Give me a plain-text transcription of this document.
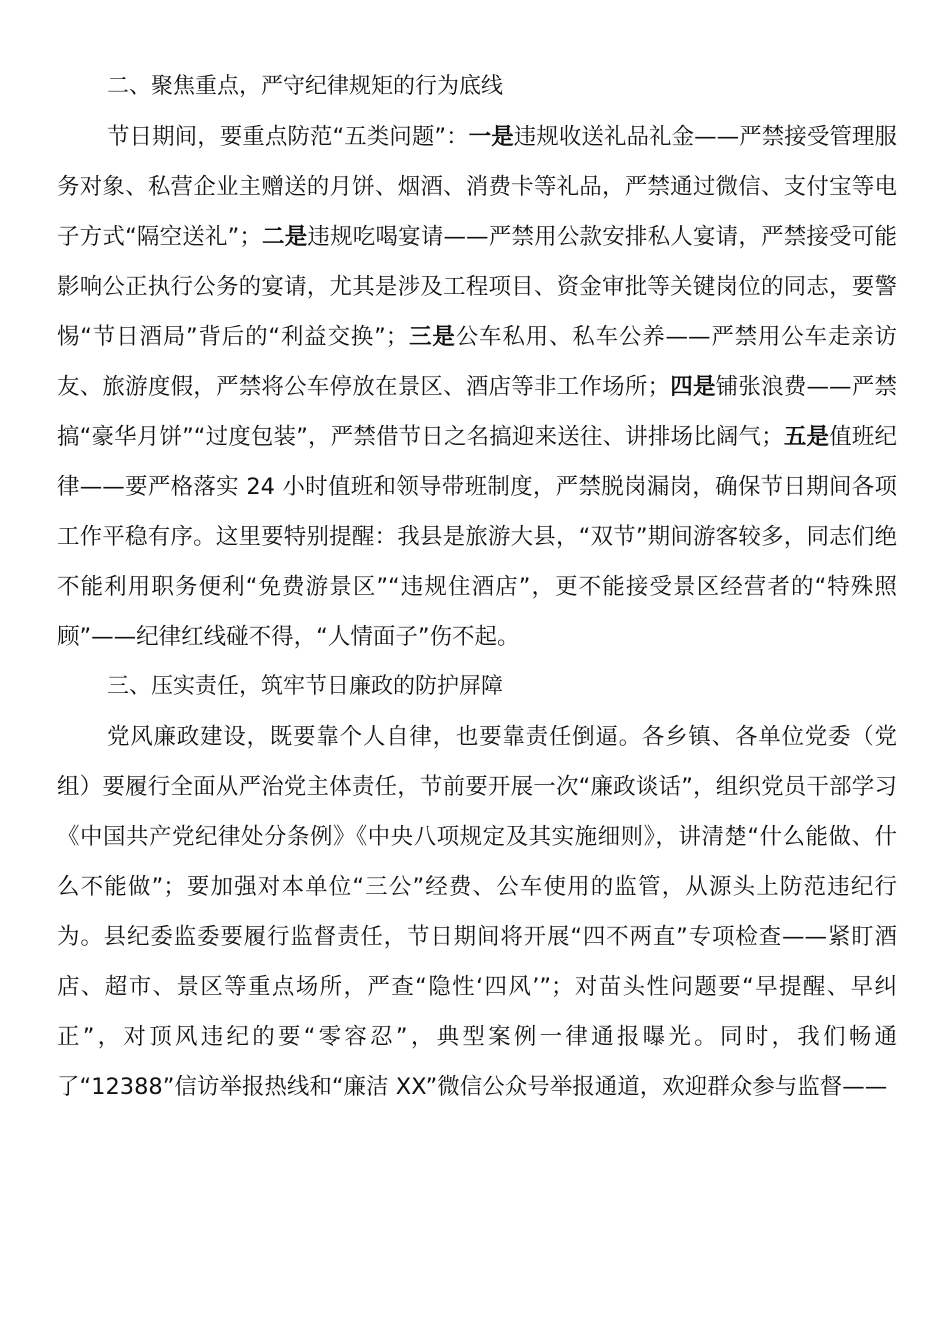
二、聚焦重点，严守纪律规矩的行为底线

节日期间，要重点防范“五类问题”：一是违规收送礼品礼金——严禁接受管理服务对象、私营企业主赠送的月饼、烟酒、消费卡等礼品，严禁通过微信、支付宝等电子方式“隔空送礼”；二是违规吃喝宴请——严禁用公款安排私人宴请，严禁接受可能影响公正执行公务的宴请，尤其是涉及工程项目、资金审批等关键岗位的同志，要警惕“节日酒局”背后的“利益交换”；三是公车私用、私车公养——严禁用公车走亲访友、旅游度假，严禁将公车停放在景区、酒店等非工作场所；四是铺张浪费——严禁搞“豪华月饼”“过度包装”，严禁借节日之名搞迎来送往、讲排场比阔气；五是值班纪律——要严格落实 24 小时值班和领导带班制度，严禁脱岗漏岗，确保节日期间各项工作平稳有序。这里要特别提醒：我县是旅游大县，“双节”期间游客较多，同志们绝不能利用职务便利“免费游景区”“违规住酒店”，更不能接受景区经营者的“特殊照顾”——纪律红线碰不得，“人情面子”伤不起。

三、压实责任，筑牢节日廉政的防护屏障

党风廉政建设，既要靠个人自律，也要靠责任倒逼。各乡镇、各单位党委（党组）要履行全面从严治党主体责任，节前要开展一次“廉政谈话”，组织党员干部学习《中国共产党纪律处分条例》《中央八项规定及其实施细则》，讲清楚“什么能做、什么不能做”；要加强对本单位“三公”经费、公车使用的监管，从源头上防范违纪行为。县纪委监委要履行监督责任，节日期间将开展“四不两直”专项检查——紧盯酒店、超市、景区等重点场所，严查“隐性‘四风’”；对苗头性问题要“早提醒、早纠正”，对顶风违纪的要“零容忍”，典型案例一律通报曝光。同时，我们畅通了“12388”信访举报热线和“廉洁 XX”微信公众号举报通道，欢迎群众参与监督——
